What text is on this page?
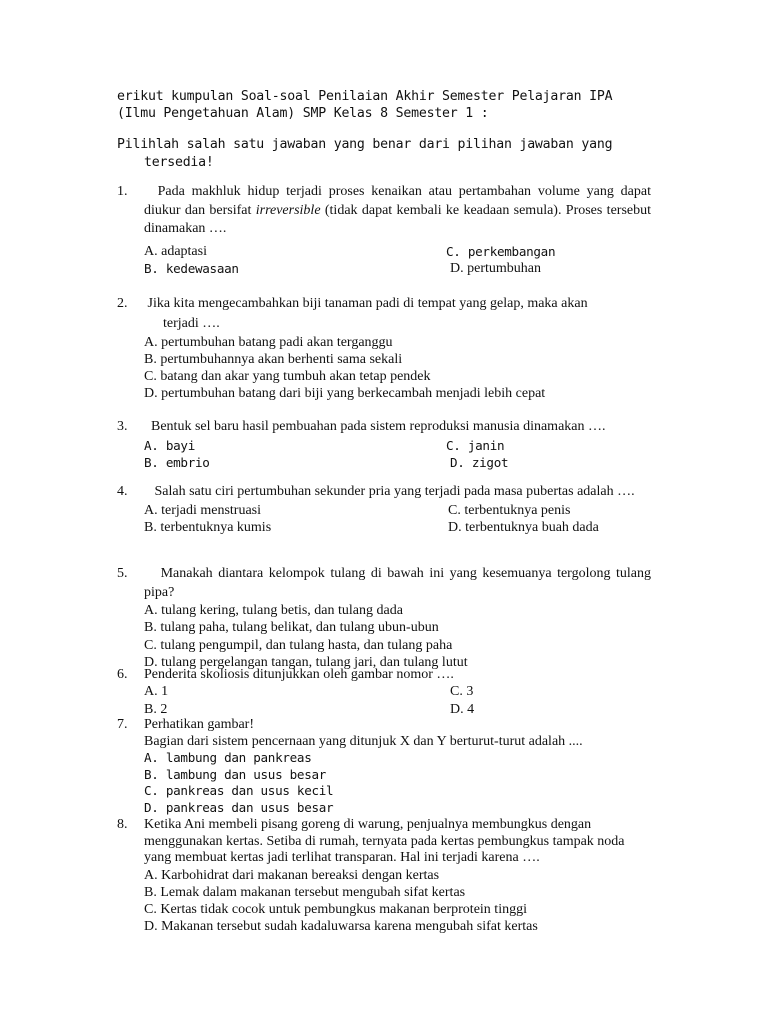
erikut kumpulan Soal-soal Penilaian Akhir Semester Pelajaran IPA
(Ilmu Pengetahuan Alam) SMP Kelas 8 Semester 1 :
Pilihlah salah satu jawaban yang benar dari pilihan jawaban yang
tersedia!
1. Pada makhluk hidup terjadi proses kenaikan atau pertambahan volume yang dapat diukur dan bersifat irreversible (tidak dapat kembali ke keadaan semula). Proses tersebut dinamakan ….
A. adaptasi	C. perkembangan
B. kedewasaan	D. pertumbuhan
2. Jika kita mengecambahkan biji tanaman padi di tempat yang gelap, maka akan
terjadi ….
A. pertumbuhan batang padi akan terganggu
B. pertumbuhannya akan berhenti sama sekali
C. batang dan akar yang tumbuh akan tetap pendek
D. pertumbuhan batang dari biji yang berkecambah menjadi lebih cepat
3. Bentuk sel baru hasil pembuahan pada sistem reproduksi manusia dinamakan ….
A. bayi	C. janin
B. embrio	D. zigot
4. Salah satu ciri pertumbuhan sekunder pria yang terjadi pada masa pubertas adalah ….
A. terjadi menstruasi	C. terbentuknya penis
B. terbentuknya kumis	D. terbentuknya buah dada
5. Manakah diantara kelompok tulang di bawah ini yang kesemuanya tergolong tulang pipa?
A. tulang kering, tulang betis, dan tulang dada
B. tulang paha, tulang belikat, dan tulang ubun-ubun
C. tulang pengumpil, dan tulang hasta, dan tulang paha
D. tulang pergelangan tangan, tulang jari, dan tulang lutut
6. Penderita skoliosis ditunjukkan oleh gambar nomor ….
A. 1	C. 3
B. 2	D. 4
7. Perhatikan gambar!
Bagian dari sistem pencernaan yang ditunjuk X dan Y berturut-turut adalah ....
A. lambung dan pankreas
B. lambung dan usus besar
C. pankreas dan usus kecil
D. pankreas dan usus besar
8. Ketika Ani membeli pisang goreng di warung, penjualnya membungkus dengan menggunakan kertas. Setiba di rumah, ternyata pada kertas pembungkus tampak noda yang membuat kertas jadi terlihat transparan. Hal ini terjadi karena ….
A. Karbohidrat dari makanan bereaksi dengan kertas
B. Lemak dalam makanan tersebut mengubah sifat kertas
C. Kertas tidak cocok untuk pembungkus makanan berprotein tinggi
D. Makanan tersebut sudah kadaluwarsa karena mengubah sifat kertas
